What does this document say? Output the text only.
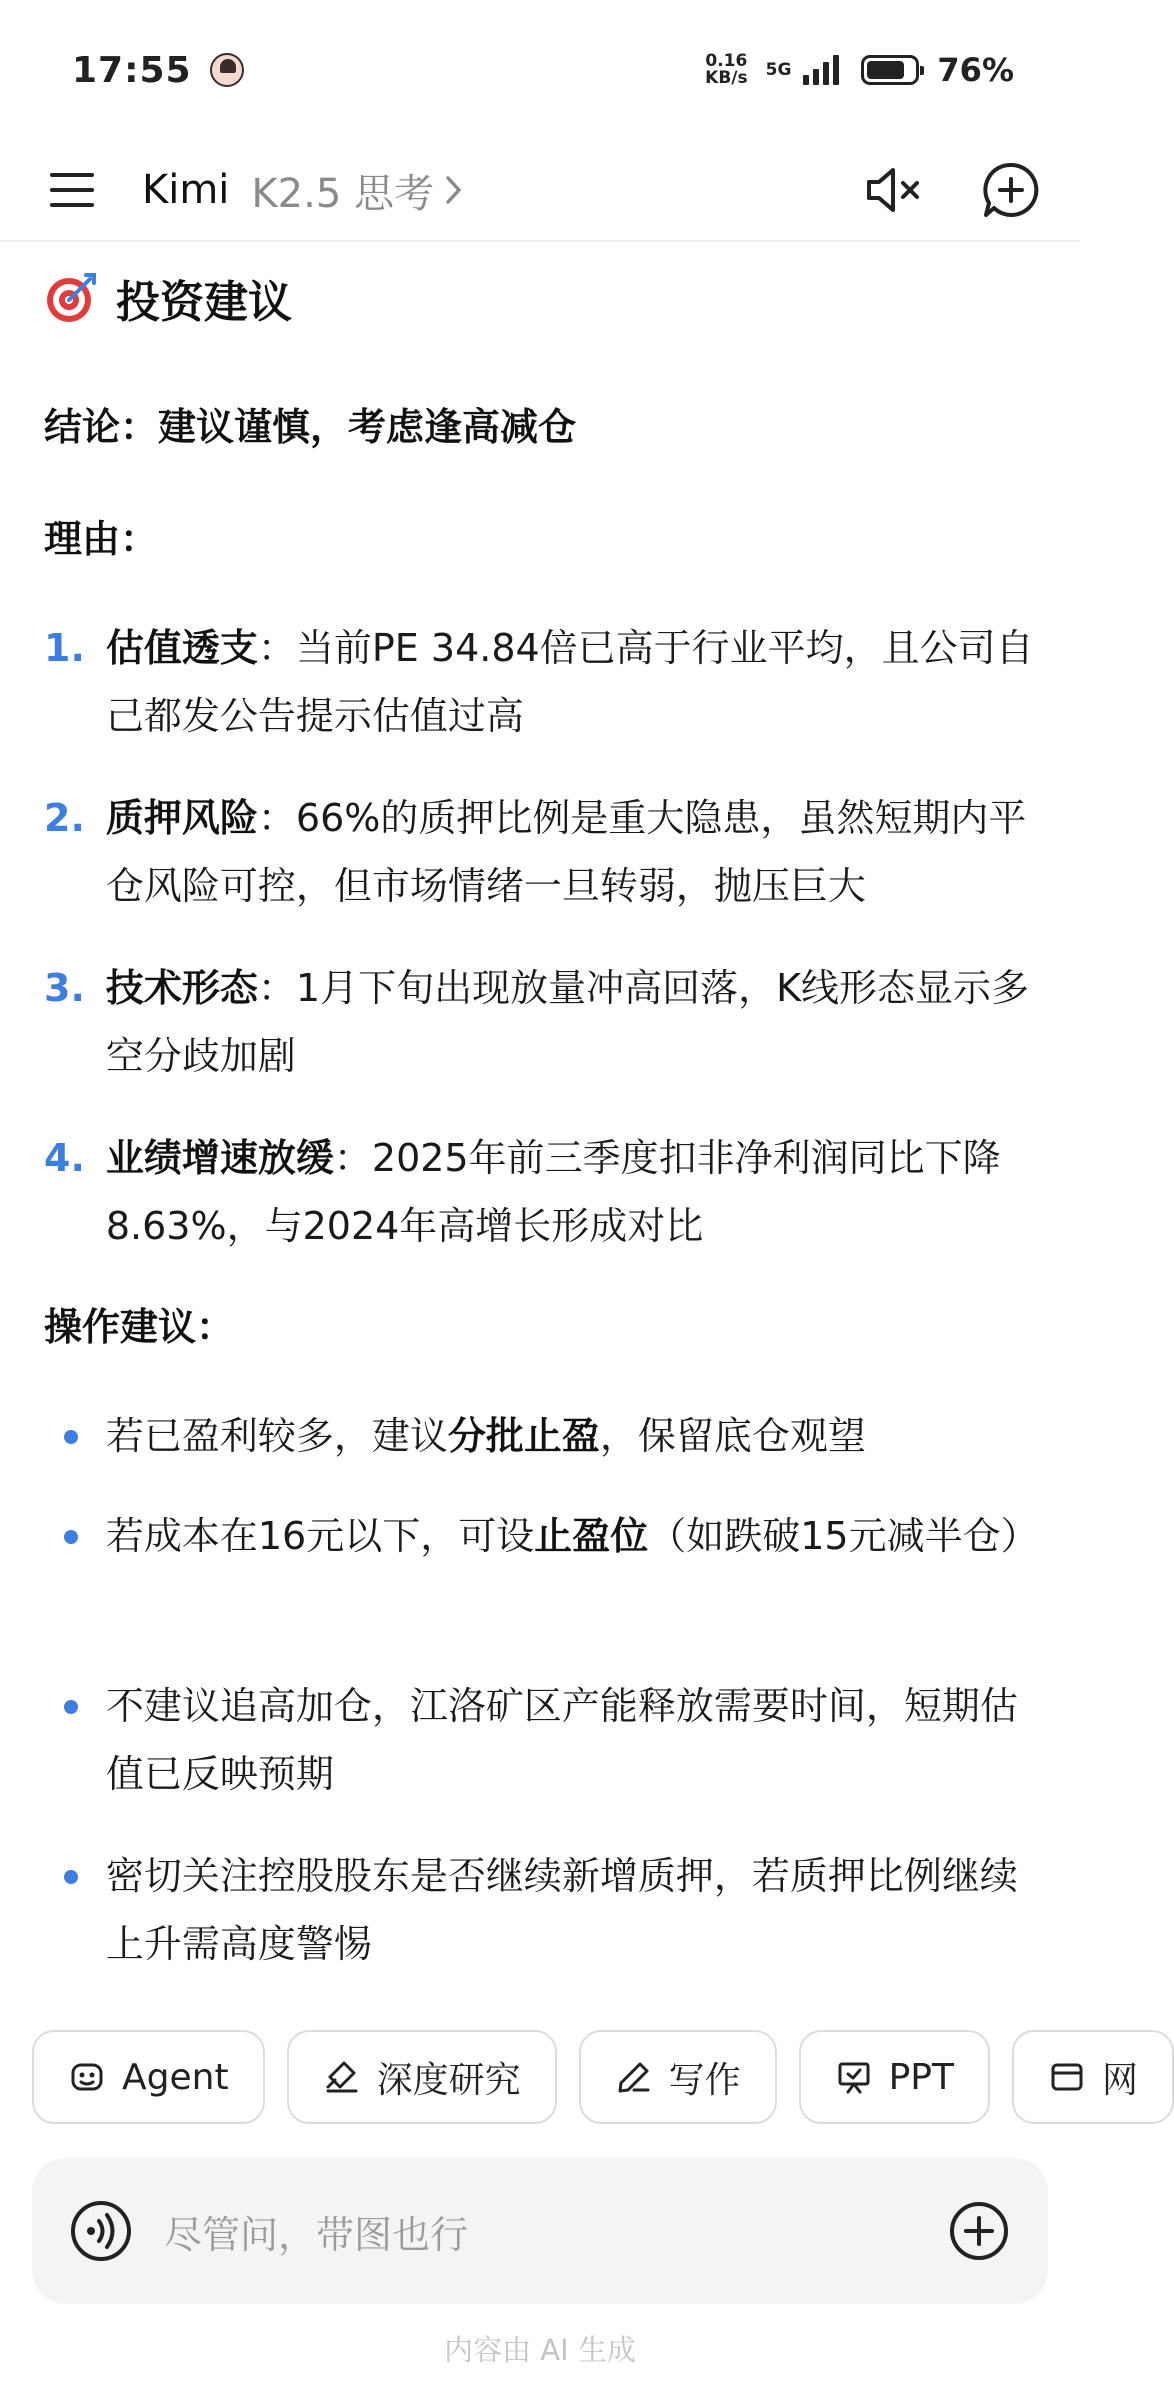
17:55	0.16
KB/s 5G	76%
Kimi K2.5 思考
投资建议
结论：建议谨慎，考虑逢高减仓
理由：
1. 估值透支：当前PE 34.84倍已高于行业平均，且公司自己都发公告提示估值过高
2. 质押风险：66%的质押比例是重大隐患，虽然短期内平仓风险可控，但市场情绪一旦转弱，抛压巨大
3. 技术形态：1月下旬出现放量冲高回落，K线形态显示多空分歧加剧
4. 业绩增速放缓：2025年前三季度扣非净利润同比下降8.63%，与2024年高增长形成对比
操作建议：
若已盈利较多，建议分批止盈，保留底仓观望
若成本在16元以下，可设止盈位（如跌破15元减半仓）
不建议追高加仓，江洛矿区产能释放需要时间，短期估值已反映预期
密切关注控股股东是否继续新增质押，若质押比例继续上升需高度警惕
Agent	深度研究	写作	PPT	网
尽管问，带图也行
内容由 AI 生成
